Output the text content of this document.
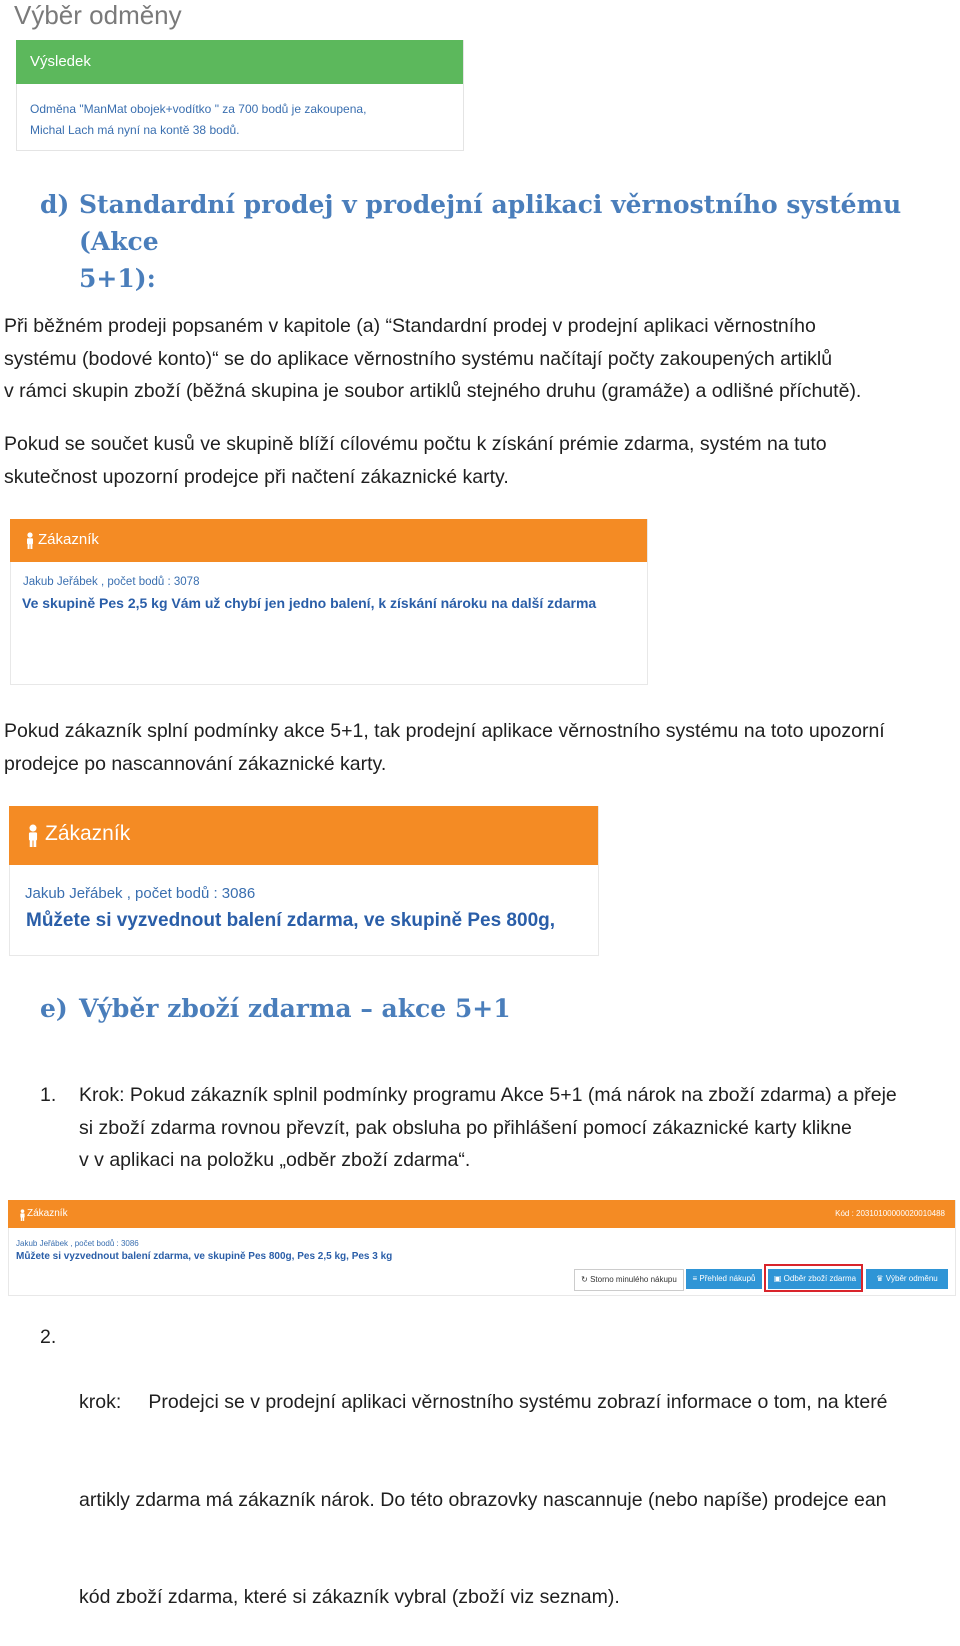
Výběr odměny
Výsledek
Odměna "ManMat obojek+vodítko " za 700 bodů je zakoupena,
Michal Lach má nyní na kontě 38 bodů.
d) Standardní prodej v prodejní aplikaci věrnostního systému (Akce
5+1):
Při běžném prodeji popsaném v kapitole (a) “Standardní prodej v prodejní aplikaci věrnostního
systému (bodové konto)“ se do aplikace věrnostního systému načítají počty zakoupených artiklů
v rámci skupin zboží (běžná skupina je soubor artiklů stejného druhu (gramáže) a odlišné příchutě).
Pokud se součet kusů ve skupině blíží cílovému počtu k získání prémie zdarma, systém na tuto
skutečnost upozorní prodejce při načtení zákaznické karty.
Zákazník
Jakub Jeřábek , počet bodů : 3078
Ve skupině Pes 2,5 kg Vám už chybí jen jedno balení, k získání nároku na další zdarma
Pokud zákazník splní podmínky akce 5+1, tak prodejní aplikace věrnostního systému na toto upozorní
prodejce po nascannování zákaznické karty.
Zákazník
Jakub Jeřábek , počet bodů : 3086
Můžete si vyzvednout balení zdarma, ve skupině Pes 800g,
e) Výběr zboží zdarma – akce 5+1
1. Krok: Pokud zákazník splnil podmínky programu Akce 5+1 (má nárok na zboží zdarma) a přeje
si zboží zdarma rovnou převzít, pak obsluha po přihlášení pomocí zákaznické karty klikne
v v aplikaci na položku „odběr zboží zdarma“.
Zákazník	Kód : 20310100000020010488
Jakub Jeřábek , počet bodů : 3086
Můžete si vyzvednout balení zdarma, ve skupině Pes 800g, Pes 2,5 kg, Pes 3 kg
↻ Storno minulého nákupu	≡ Přehled nákupů	▣ Odběr zboží zdarma	♛ Výběr odměnu
2.

krok:     Prodejci se v prodejní aplikaci věrnostního systému zobrazí informace o tom, na které

artikly zdarma má zákazník nárok. Do této obrazovky nascannuje (nebo napíše) prodejce ean

kód zboží zdarma, které si zákazník vybral (zboží viz seznam).
